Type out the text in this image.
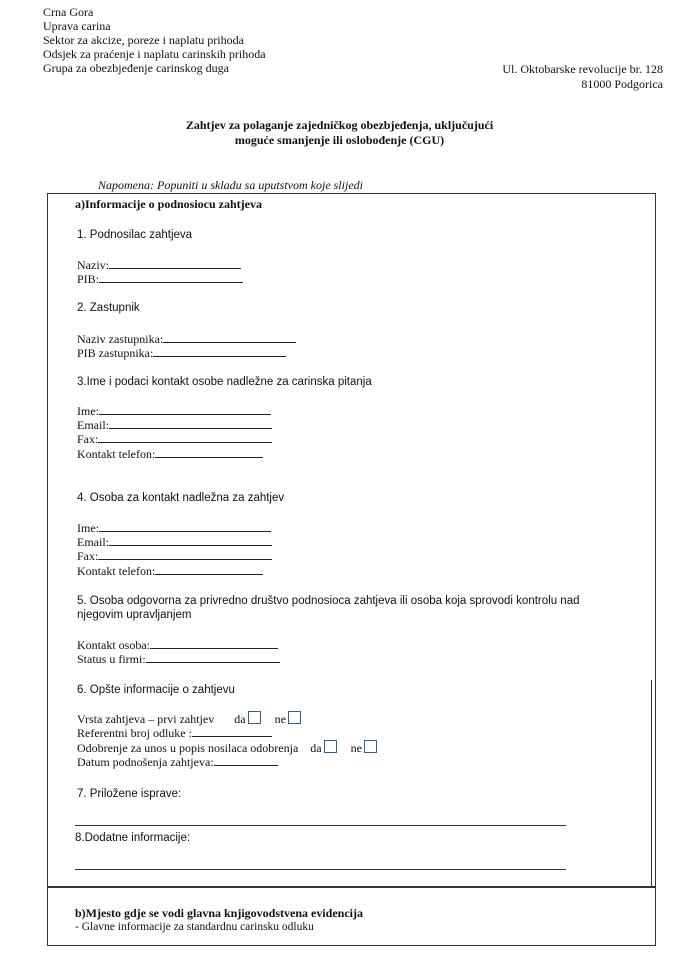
Crna Gora
Uprava carina
Sektor za akcize, poreze i naplatu prihoda
Odsjek za praćenje i naplatu carinskih prihoda
Grupa za obezbjeđenje carinskog duga	Ul. Oktobarske revolucije br. 128
81000 Podgorica
Zahtjev za polaganje zajedničkog obezbjeđenja, uključujući
moguće smanjenje ili oslobođenje (CGU)
Napomena: Popuniti u skladu sa uputstvom koje slijedi
a)Informacije o podnosiocu zahtjeva
1. Podnosilac zahtjeva
Naziv:
PIB:
2. Zastupnik
Naziv zastupnika:
PIB zastupnika:
3.Ime i podaci kontakt osobe nadležne za carinska pitanja
Ime:
Email:
Fax:
Kontakt telefon:
4. Osoba za kontakt nadležna za zahtjev
Ime:
Email:
Fax:
Kontakt telefon:
5. Osoba odgovorna za privredno društvo podnosioca zahtjeva ili osoba koja sprovodi kontrolu nad
njegovim upravljanjem
Kontakt osoba:
Status u firmi:
6. Opšte informacije o zahtjevu
Vrsta zahtjeva – prvi zahtjev da ne
Referentni broj odluke :
Odobrenje za unos u popis nosilaca odobrenja da ne
Datum podnošenja zahtjeva:
7. Priložene isprave:
8.Dodatne informacije:
b)Mjesto gdje se vodi glavna knjigovodstvena evidencija
- Glavne informacije za standardnu carinsku odluku
